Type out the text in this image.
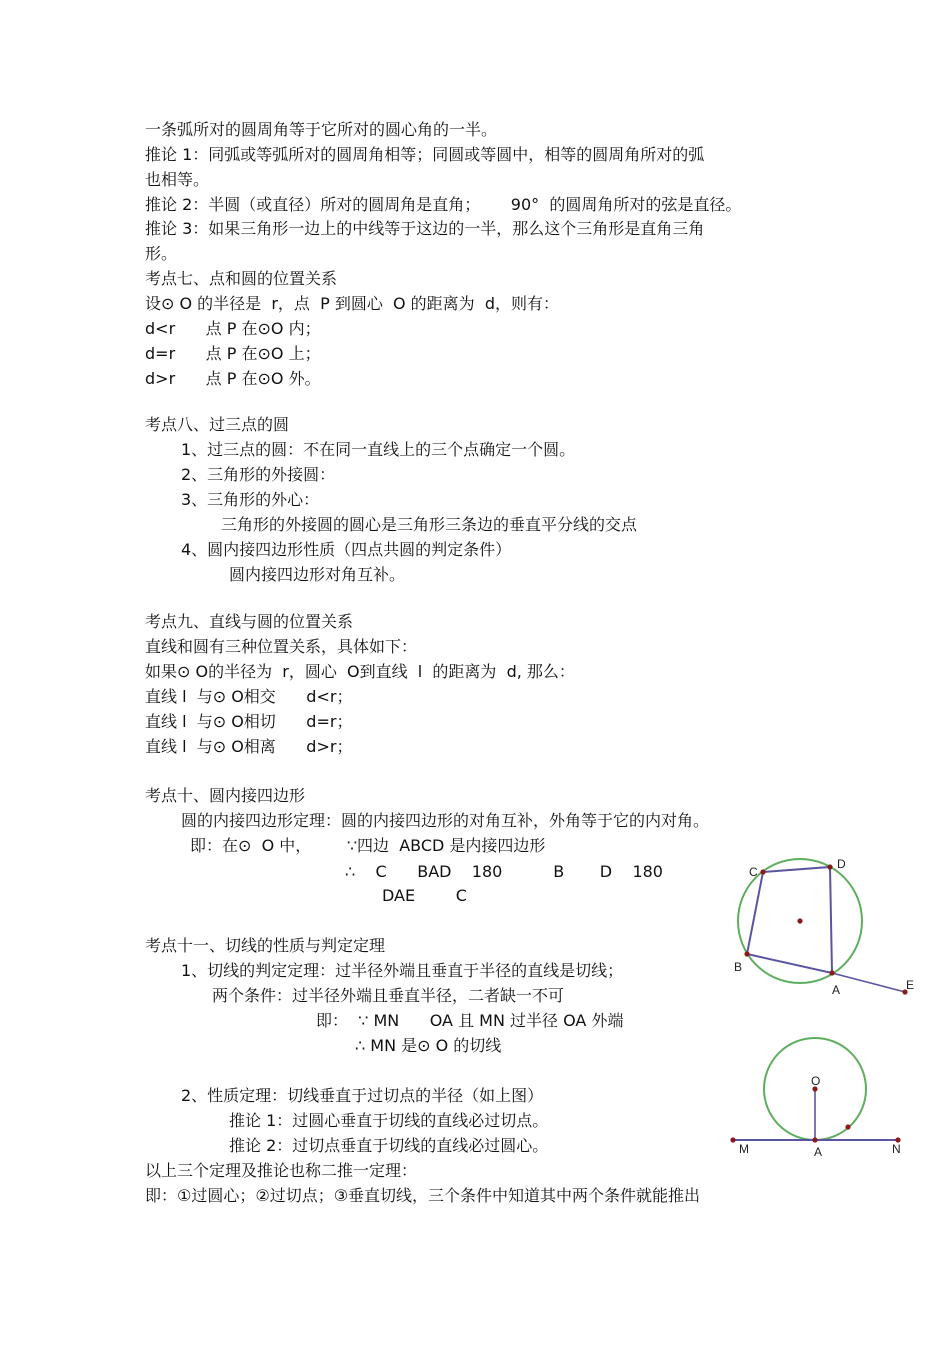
一条弧所对的圆周角等于它所对的圆心角的一半。
推论 1：同弧或等弧所对的圆周角相等；同圆或等圆中，相等的圆周角所对的弧
也相等。
推论 2：半圆（或直径）所对的圆周角是直角；      90°  的圆周角所对的弦是直径。
推论 3：如果三角形一边上的中线等于这边的一半，那么这个三角形是直角三角
形。
考点七、点和圆的位置关系
设⊙ O 的半径是  r，点  P 到圆心  O 的距离为  d，则有：
d<r      点 P 在⊙O 内；
d=r      点 P 在⊙O 上；
d>r      点 P 在⊙O 外。
考点八、过三点的圆
1、过三点的圆：不在同一直线上的三个点确定一个圆。
2、三角形的外接圆：
3、三角形的外心：
三角形的外接圆的圆心是三角形三条边的垂直平分线的交点
4、圆内接四边形性质（四点共圆的判定条件）
圆内接四边形对角互补。
考点九、直线与圆的位置关系
直线和圆有三种位置关系，具体如下：
如果⊙ O的半径为  r，圆心  O到直线  l  的距离为  d, 那么：
直线 l  与⊙ O相交      d<r；
直线 l  与⊙ O相切      d=r；
直线 l  与⊙ O相离      d>r；
考点十、圆内接四边形
圆的内接四边形定理：圆的内接四边形的对角互补，外角等于它的内对角。
即：在⊙  O 中，       ∵四边  ABCD 是内接四边形
∴    C      BAD    180          B       D    180
DAE        C
考点十一、切线的性质与判定定理
1、切线的判定定理：过半径外端且垂直于半径的直线是切线；
两个条件：过半径外端且垂直半径，二者缺一不可
即：  ∵ MN      OA 且 MN 过半径 OA 外端
∴ MN 是⊙ O 的切线
2、性质定理：切线垂直于过切点的半径（如上图）
推论 1：过圆心垂直于切线的直线必过切点。
推论 2：过切点垂直于切线的直线必过圆心。
以上三个定理及推论也称二推一定理：
即：①过圆心；②过切点；③垂直切线，三个条件中知道其中两个条件就能推出
C
D
B
A	E
O
M	A	N
